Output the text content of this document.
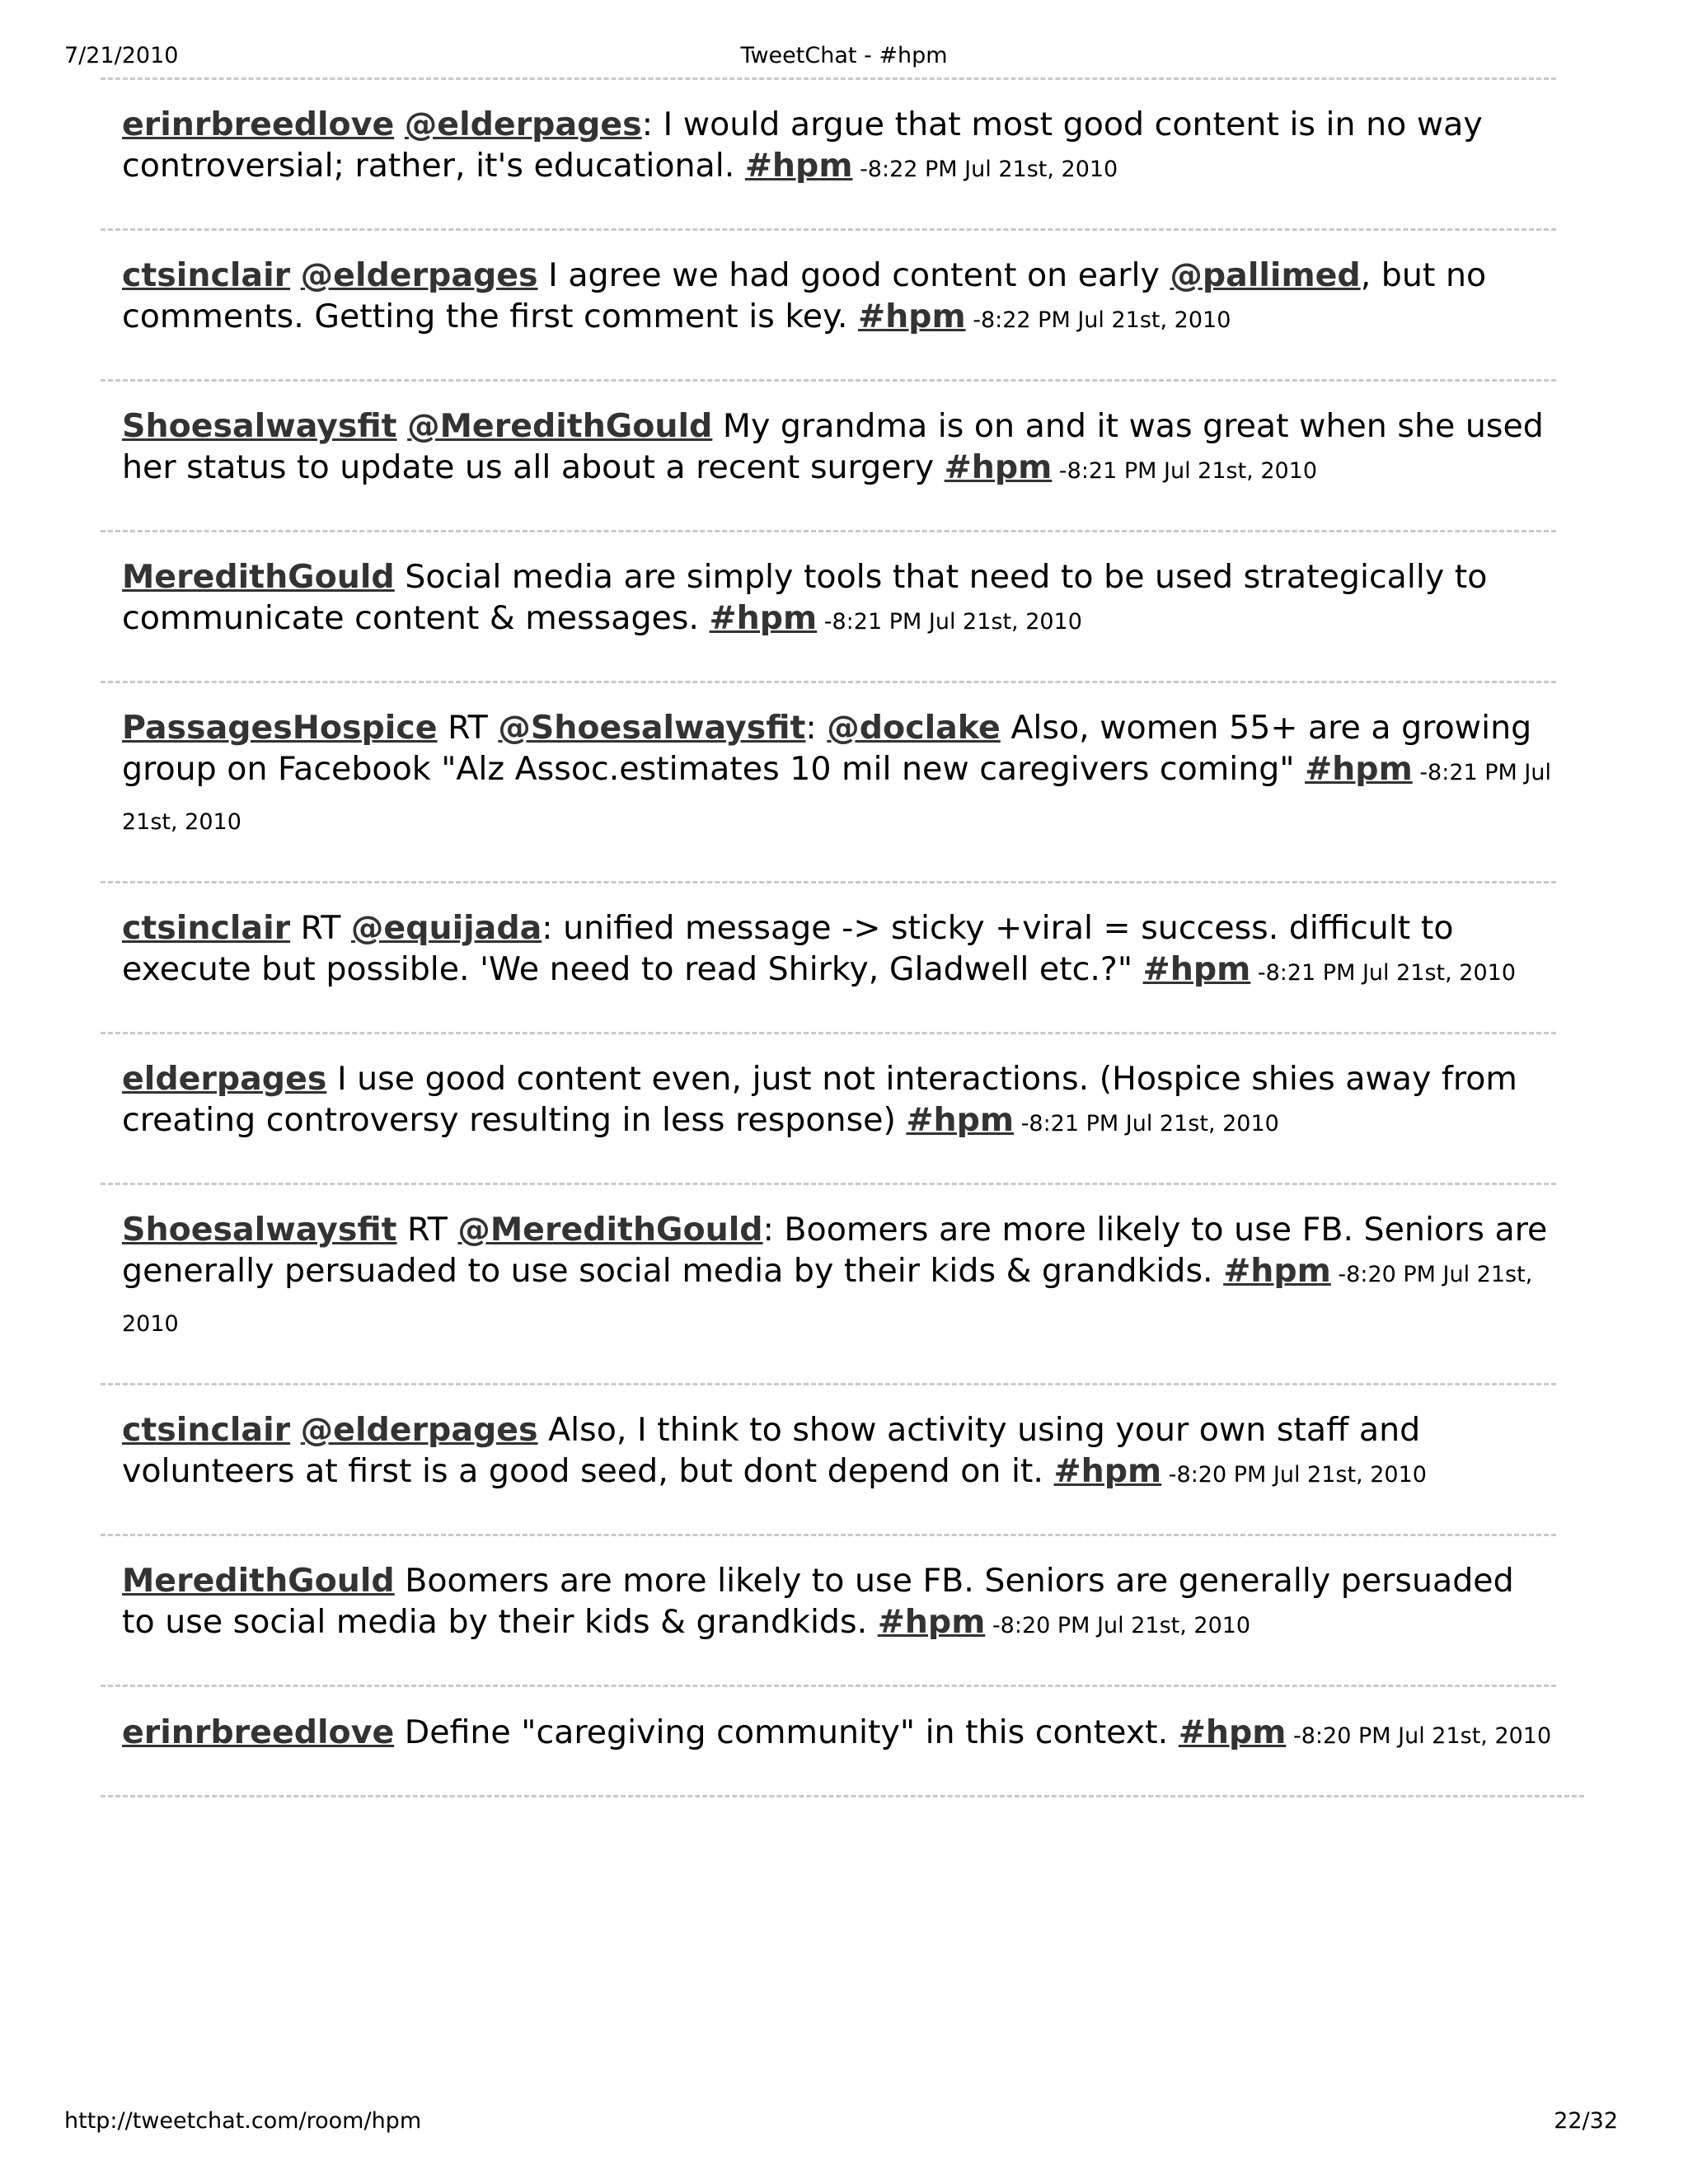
7/21/2010	TweetChat - #hpm
erinrbreedlove @elderpages: I would argue that most good content is in no way controversial; rather, it's educational. #hpm -8:22 PM Jul 21st, 2010
ctsinclair @elderpages I agree we had good content on early @pallimed, but no comments. Getting the first comment is key. #hpm -8:22 PM Jul 21st, 2010
Shoesalwaysfit @MeredithGould My grandma is on and it was great when she used her status to update us all about a recent surgery #hpm -8:21 PM Jul 21st, 2010
MeredithGould Social media are simply tools that need to be used strategically to communicate content & messages. #hpm -8:21 PM Jul 21st, 2010
PassagesHospice RT @Shoesalwaysfit: @doclake Also, women 55+ are a growing group on Facebook "Alz Assoc.estimates 10 mil new caregivers coming" #hpm -8:21 PM Jul 21st, 2010
ctsinclair RT @equijada: unified message -> sticky +viral = success. difficult to execute but possible. 'We need to read Shirky, Gladwell etc.?" #hpm -8:21 PM Jul 21st, 2010
elderpages I use good content even, just not interactions. (Hospice shies away from creating controversy resulting in less response) #hpm -8:21 PM Jul 21st, 2010
Shoesalwaysfit RT @MeredithGould: Boomers are more likely to use FB. Seniors are generally persuaded to use social media by their kids & grandkids. #hpm -8:20 PM Jul 21st, 2010
ctsinclair @elderpages Also, I think to show activity using your own staff and volunteers at first is a good seed, but dont depend on it. #hpm -8:20 PM Jul 21st, 2010
MeredithGould Boomers are more likely to use FB. Seniors are generally persuaded to use social media by their kids & grandkids. #hpm -8:20 PM Jul 21st, 2010
erinrbreedlove Define "caregiving community" in this context. #hpm -8:20 PM Jul 21st, 2010
http://tweetchat.com/room/hpm	22/32
